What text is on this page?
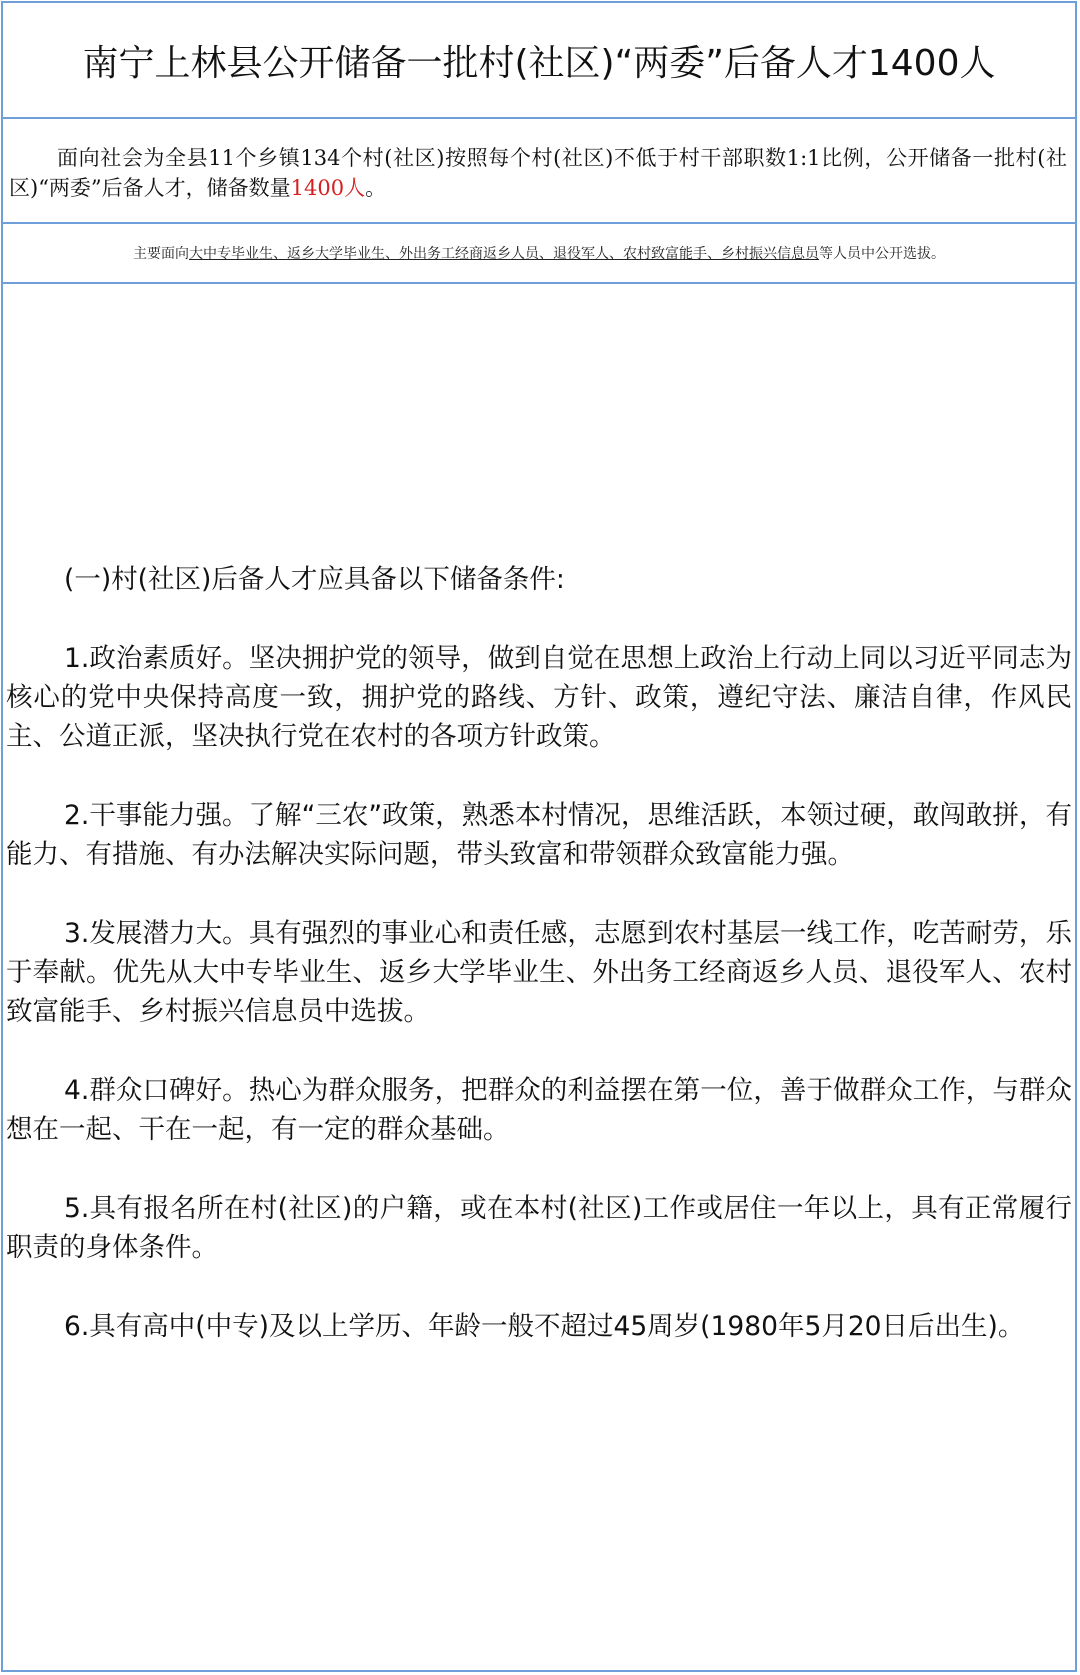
南宁上林县公开储备一批村(社区)“两委”后备人才1400人

面向社会为全县11个乡镇134个村(社区)按照每个村(社区)不低于村干部职数1:1比例，公开储备一批村(社区)“两委”后备人才，储备数量1400人。

主要面向大中专毕业生、返乡大学毕业生、外出务工经商返乡人员、退役军人、农村致富能手、乡村振兴信息员等人员中公开选拔。

(一)村(社区)后备人才应具备以下储备条件:

1.政治素质好。坚决拥护党的领导，做到自觉在思想上政治上行动上同以习近平同志为核心的党中央保持高度一致，拥护党的路线、方针、政策，遵纪守法、廉洁自律，作风民主、公道正派，坚决执行党在农村的各项方针政策。

2.干事能力强。了解“三农”政策，熟悉本村情况，思维活跃，本领过硬，敢闯敢拼，有能力、有措施、有办法解决实际问题，带头致富和带领群众致富能力强。

3.发展潜力大。具有强烈的事业心和责任感，志愿到农村基层一线工作，吃苦耐劳，乐于奉献。优先从大中专毕业生、返乡大学毕业生、外出务工经商返乡人员、退役军人、农村致富能手、乡村振兴信息员中选拔。

4.群众口碑好。热心为群众服务，把群众的利益摆在第一位，善于做群众工作，与群众想在一起、干在一起，有一定的群众基础。

5.具有报名所在村(社区)的户籍，或在本村(社区)工作或居住一年以上，具有正常履行职责的身体条件。

6.具有高中(中专)及以上学历、年龄一般不超过45周岁(1980年5月20日后出生)。
